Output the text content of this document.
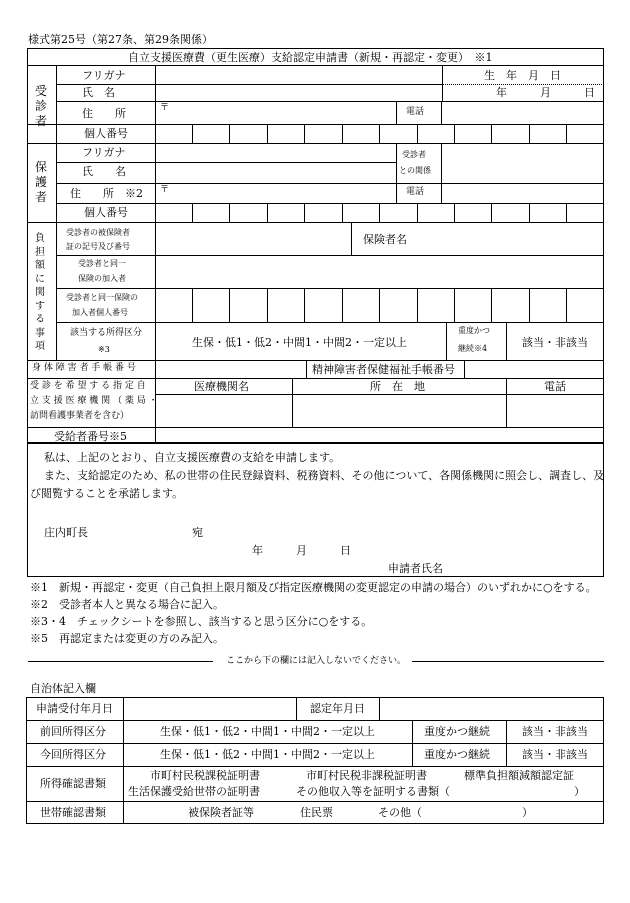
様式第25号（第27条、第29条関係）
自立支援医療費（更生医療）支給認定申請書（新規・再認定・変更）　※1
受診者
フリガナ
氏　名
生　年　月　日
年　　　月　　　日
住　　所	〒	電話
個人番号
保護者
フリガナ
氏　　名
受診者
との関係
住　　所　※2 〒	電話
個人番号
負担額に関する事項
受診者の被保険者
証の記号及び番号
保険者名
受診者と同一
保険の加入者
受診者と同一保険の
加入者個人番号
該当する所得区分
※3
生保・低1・低2・中間1・中間2・一定以上
重度かつ
継続※4	該当・非該当
身 体 障 害 者 手 帳 番 号	精神障害者保健福祉手帳番号
受 診 を 希 望 す る 指 定 自
立 支 援 医 療 機 関 （ 薬 局 ・
訪問看護事業者を含む）
医療機関名	所　在　地	電話
受給者番号※5
私は、上記のとおり、自立支援医療費の支給を申請します。
また、支給認定のため、私の世帯の住民登録資料、税務資料、その他について、各関係機関に照会し、調査し、及
び閲覧することを承諾します。
庄内町長	宛
年　　　月　　　日
申請者氏名
※1　新規・再認定・変更（自己負担上限月額及び指定医療機関の変更認定の申請の場合）のいずれかに○をする。
※2　受診者本人と異なる場合に記入。
※3・4　チェックシートを参照し、該当すると思う区分に○をする。
※5　再認定または変更の方のみ記入。
ここから下の欄には記入しないでください。
自治体記入欄
申請受付年月日	認定年月日
前回所得区分	生保・低1・低2・中間1・中間2・一定以上	重度かつ継続	該当・非該当
今回所得区分	生保・低1・低2・中間1・中間2・一定以上	重度かつ継続	該当・非該当
所得確認書類
市町村民税課税証明書	市町村民税非課税証明書	標準負担額減額認定証
生活保護受給世帯の証明書	その他収入等を証明する書類（	）
世帯確認書類	被保険者証等	住民票	その他（	）
